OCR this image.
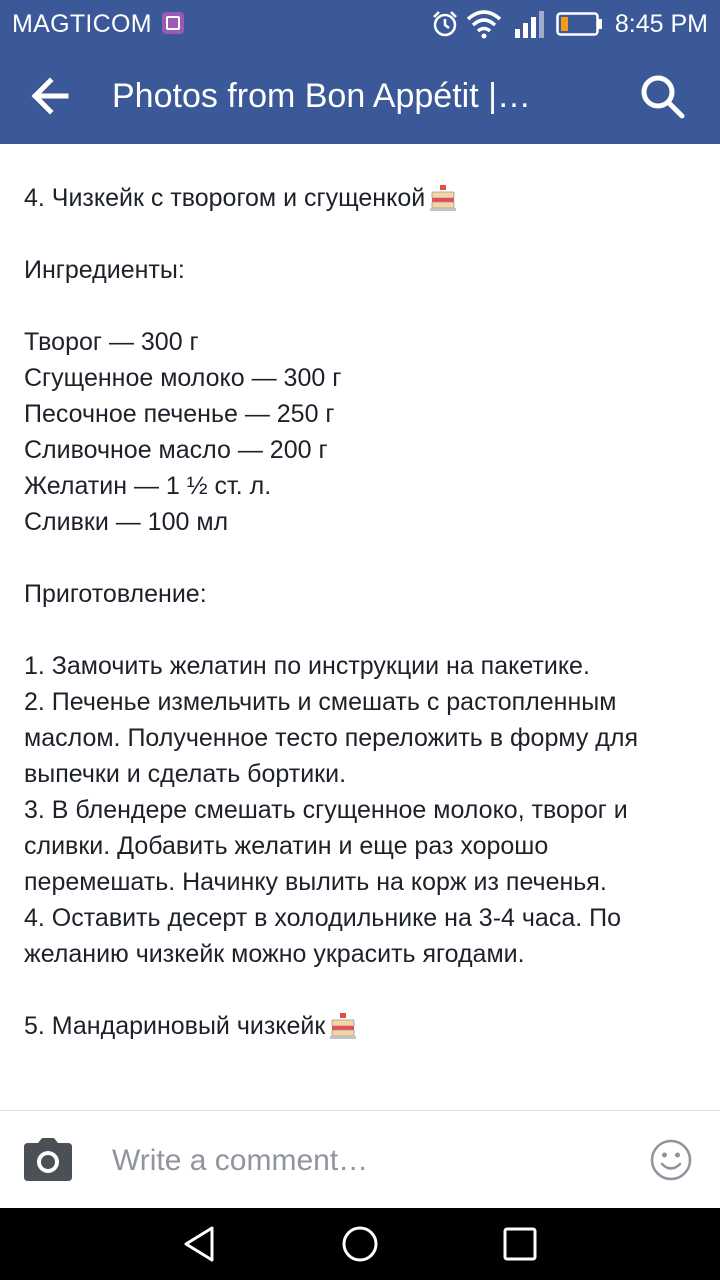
MAGTICOM	8:45 PM
Photos from Bon Appétit |…

4. Чизкейк с творогом и сгущенкой

Ингредиенты:

Творог — 300 г

Сгущенное молоко — 300 г

Песочное печенье — 250 г

Сливочное масло — 200 г

Желатин — 1 ½ ст. л.

Сливки — 100 мл

Приготовление:

1. Замочить желатин по инструкции на пакетике.
2. Печенье измельчить и смешать с растопленным маслом. Полученное тесто переложить в форму для выпечки и сделать бортики.
3. В блендере смешать сгущенное молоко, творог и сливки. Добавить желатин и еще раз хорошо перемешать. Начинку вылить на корж из печенья.
4. Оставить десерт в холодильнике на 3-4 часа. По желанию чизкейк можно украсить ягодами.

5. Мандариновый чизкейк

Write a comment…
